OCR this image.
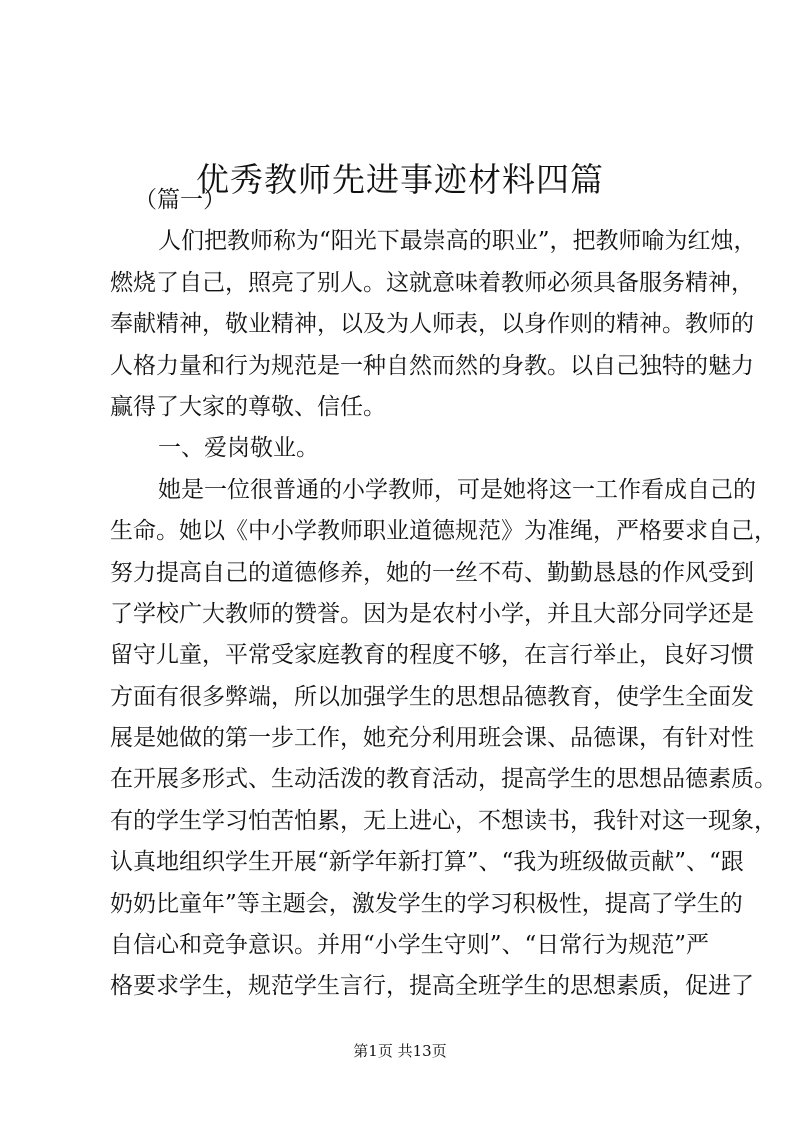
优秀教师先进事迹材料四篇
（篇一）
人们把教师称为“阳光下最崇高的职业”，把教师喻为红烛，
燃烧了自己，照亮了别人。这就意味着教师必须具备服务精神，
奉献精神，敬业精神，以及为人师表，以身作则的精神。教师的
人格力量和行为规范是一种自然而然的身教。以自己独特的魅力
赢得了大家的尊敬、信任。
一、爱岗敬业。
她是一位很普通的小学教师，可是她将这一工作看成自己的
生命。她以《中小学教师职业道德规范》为准绳，严格要求自己，
努力提高自己的道德修养，她的一丝不苟、勤勤恳恳的作风受到
了学校广大教师的赞誉。因为是农村小学，并且大部分同学还是
留守儿童，平常受家庭教育的程度不够，在言行举止，良好习惯
方面有很多弊端，所以加强学生的思想品德教育，使学生全面发
展是她做的第一步工作，她充分利用班会课、品德课，有针对性
在开展多形式、生动活泼的教育活动，提高学生的思想品德素质。
有的学生学习怕苦怕累，无上进心，不想读书，我针对这一现象，
认真地组织学生开展“新学年新打算”、“我为班级做贡献”、“跟
奶奶比童年”等主题会，激发学生的学习积极性，提高了学生的
自信心和竞争意识。并用“小学生守则”、“日常行为规范”严
格要求学生，规范学生言行，提高全班学生的思想素质，促进了
第1页 共13页
